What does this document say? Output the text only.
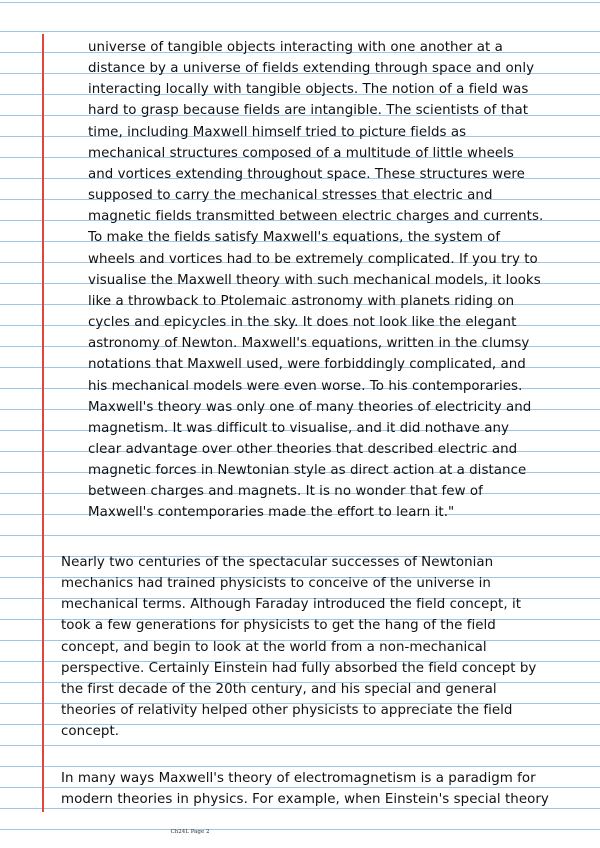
universe of tangible objects interacting with one another at a
distance by a universe of fields extending through space and only
interacting locally with tangible objects. The notion of a field was
hard to grasp because fields are intangible. The scientists of that
time, including Maxwell himself tried to picture fields as
mechanical structures composed of a multitude of little wheels
and vortices extending throughout space. These structures were
supposed to carry the mechanical stresses that electric and
magnetic fields transmitted between electric charges and currents.
To make the fields satisfy Maxwell's equations, the system of
wheels and vortices had to be extremely complicated. If you try to
visualise the Maxwell theory with such mechanical models, it looks
like a throwback to Ptolemaic astronomy with planets riding on
cycles and epicycles in the sky. It does not look like the elegant
astronomy of Newton. Maxwell's equations, written in the clumsy
notations that Maxwell used, were forbiddingly complicated, and
his mechanical models were even worse. To his contemporaries.
Maxwell's theory was only one of many theories of electricity and
magnetism. It was difficult to visualise, and it did nothave any
clear advantage over other theories that described electric and
magnetic forces in Newtonian style as direct action at a distance
between charges and magnets. It is no wonder that few of
Maxwell's contemporaries made the effort to learn it."
Nearly two centuries of the spectacular successes of Newtonian
mechanics had trained physicists to conceive of the universe in
mechanical terms. Although Faraday introduced the field concept, it
took a few generations for physicists to get the hang of the field
concept, and begin to look at the world from a non-mechanical
perspective. Certainly Einstein had fully absorbed the field concept by
the first decade of the 20th century, and his special and general
theories of relativity helped other physicists to appreciate the field
concept.
In many ways Maxwell's theory of electromagnetism is a paradigm for
modern theories in physics. For example, when Einstein's special theory

Ch24L Page 2
